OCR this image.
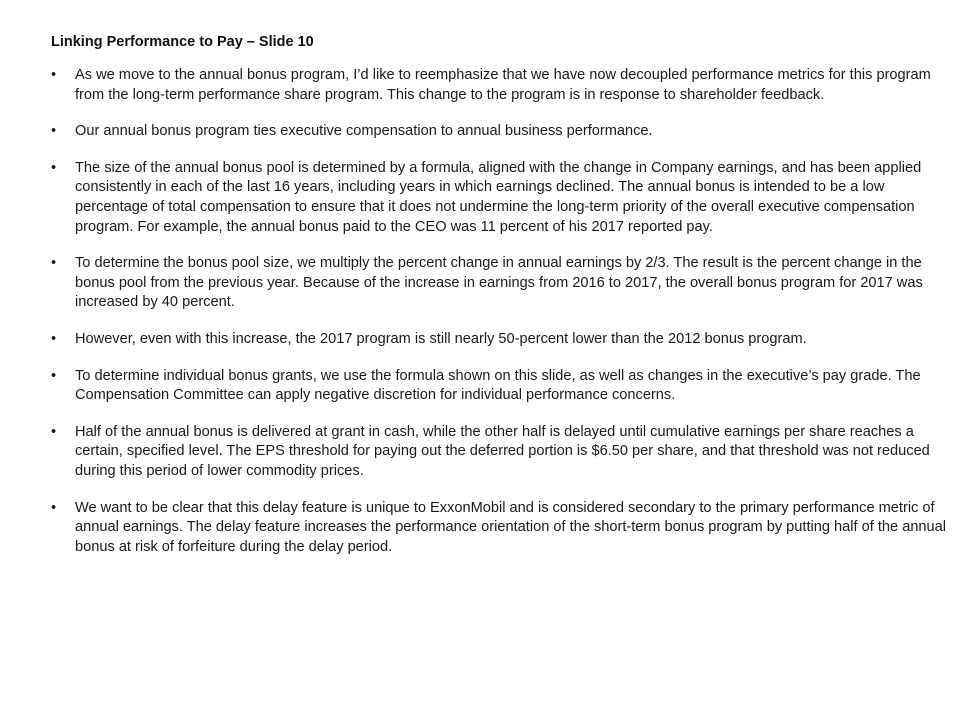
Linking Performance to Pay – Slide 10
•	As we move to the annual bonus program, I’d like to reemphasize that we have now decoupled performance metrics for this program from the long-term performance share program. This change to the program is in response to shareholder feedback.
•	Our annual bonus program ties executive compensation to annual business performance.
•	The size of the annual bonus pool is determined by a formula, aligned with the change in Company earnings, and has been applied consistently in each of the last 16 years, including years in which earnings declined. The annual bonus is intended to be a low percentage of total compensation to ensure that it does not undermine the long-term priority of the overall executive compensation program. For example, the annual bonus paid to the CEO was 11 percent of his 2017 reported pay.
•	To determine the bonus pool size, we multiply the percent change in annual earnings by 2/3. The result is the percent change in the bonus pool from the previous year. Because of the increase in earnings from 2016 to 2017, the overall bonus program for 2017 was increased by 40 percent.
•	However, even with this increase, the 2017 program is still nearly 50-percent lower than the 2012 bonus program.
•	To determine individual bonus grants, we use the formula shown on this slide, as well as changes in the executive’s pay grade. The Compensation Committee can apply negative discretion for individual performance concerns.
•	Half of the annual bonus is delivered at grant in cash, while the other half is delayed until cumulative earnings per share reaches a certain, specified level. The EPS threshold for paying out the deferred portion is $6.50 per share, and that threshold was not reduced during this period of lower commodity prices.
•	We want to be clear that this delay feature is unique to ExxonMobil and is considered secondary to the primary performance metric of annual earnings. The delay feature increases the performance orientation of the short-term bonus program by putting half of the annual bonus at risk of forfeiture during the delay period.
